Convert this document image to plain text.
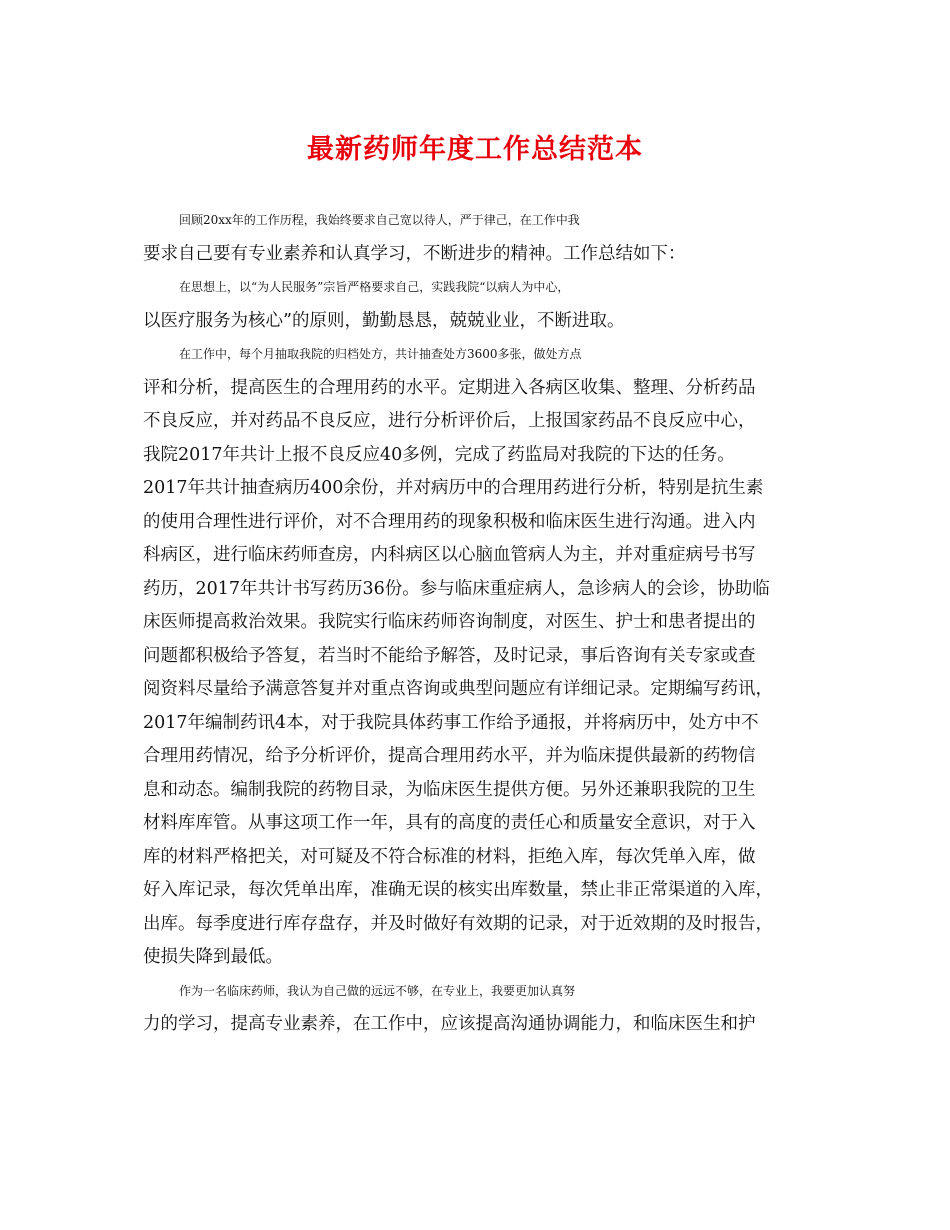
最新药师年度工作总结范本
回顾20xx年的工作历程，我始终要求自己宽以待人，严于律己，在工作中我
要求自己要有专业素养和认真学习，不断进步的精神。工作总结如下：
在思想上，以“为人民服务”宗旨严格要求自己，实践我院“以病人为中心，
以医疗服务为核心”的原则，勤勤恳恳，兢兢业业，不断进取。
在工作中，每个月抽取我院的归档处方，共计抽查处方3600多张，做处方点
评和分析，提高医生的合理用药的水平。定期进入各病区收集、整理、分析药品
不良反应，并对药品不良反应，进行分析评价后，上报国家药品不良反应中心，
我院2017年共计上报不良反应40多例，完成了药监局对我院的下达的任务。
2017年共计抽查病历400余份，并对病历中的合理用药进行分析，特别是抗生素
的使用合理性进行评价，对不合理用药的现象积极和临床医生进行沟通。进入内
科病区，进行临床药师查房，内科病区以心脑血管病人为主，并对重症病号书写
药历，2017年共计书写药历36份。参与临床重症病人，急诊病人的会诊，协助临
床医师提高救治效果。我院实行临床药师咨询制度，对医生、护士和患者提出的
问题都积极给予答复，若当时不能给予解答，及时记录，事后咨询有关专家或查
阅资料尽量给予满意答复并对重点咨询或典型问题应有详细记录。定期编写药讯，
2017年编制药讯4本，对于我院具体药事工作给予通报，并将病历中，处方中不
合理用药情况，给予分析评价，提高合理用药水平，并为临床提供最新的药物信
息和动态。编制我院的药物目录，为临床医生提供方便。另外还兼职我院的卫生
材料库库管。从事这项工作一年，具有的高度的责任心和质量安全意识，对于入
库的材料严格把关，对可疑及不符合标准的材料，拒绝入库，每次凭单入库，做
好入库记录，每次凭单出库，准确无误的核实出库数量，禁止非正常渠道的入库，
出库。每季度进行库存盘存，并及时做好有效期的记录，对于近效期的及时报告，
使损失降到最低。
作为一名临床药师，我认为自己做的远远不够，在专业上，我要更加认真努
力的学习，提高专业素养，在工作中，应该提高沟通协调能力，和临床医生和护
